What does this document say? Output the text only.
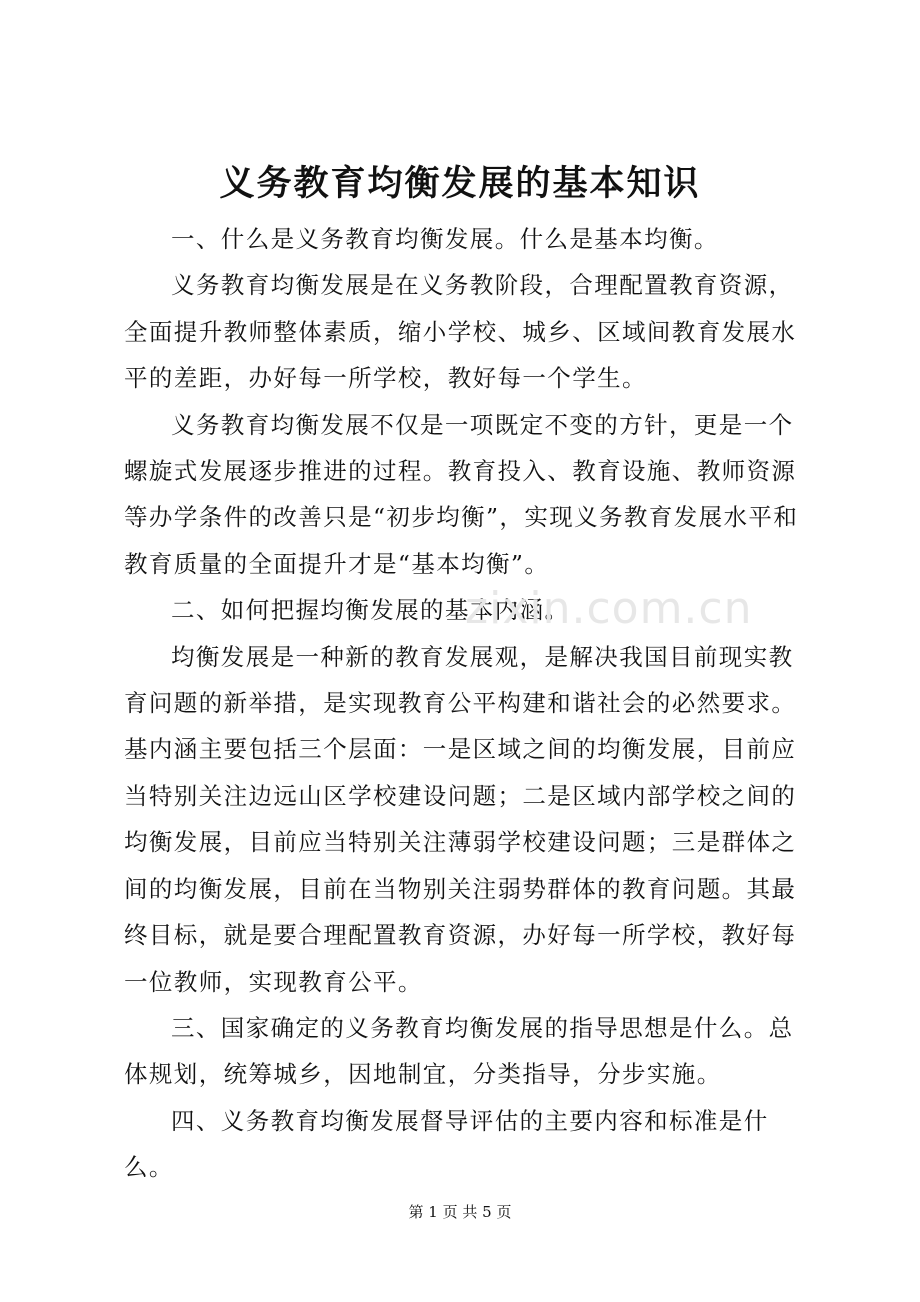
义务教育均衡发展的基本知识

一、什么是义务教育均衡发展。什么是基本均衡。

义务教育均衡发展是在义务教阶段，合理配置教育资源，全面提升教师整体素质，缩小学校、城乡、区域间教育发展水平的差距，办好每一所学校，教好每一个学生。

义务教育均衡发展不仅是一项既定不变的方针，更是一个螺旋式发展逐步推进的过程。教育投入、教育设施、教师资源等办学条件的改善只是“初步均衡”，实现义务教育发展水平和教育质量的全面提升才是“基本均衡”。

二、如何把握均衡发展的基本内涵。

均衡发展是一种新的教育发展观，是解决我国目前现实教育问题的新举措，是实现教育公平构建和谐社会的必然要求。基内涵主要包括三个层面：一是区域之间的均衡发展，目前应当特别关注边远山区学校建设问题；二是区域内部学校之间的均衡发展，目前应当特别关注薄弱学校建设问题；三是群体之间的均衡发展，目前在当物别关注弱势群体的教育问题。其最终目标，就是要合理配置教育资源，办好每一所学校，教好每一位教师，实现教育公平。

三、国家确定的义务教育均衡发展的指导思想是什么。总体规划，统筹城乡，因地制宜，分类指导，分步实施。

四、义务教育均衡发展督导评估的主要内容和标准是什么。

zixin.com.cn
第 1 页 共 5 页
